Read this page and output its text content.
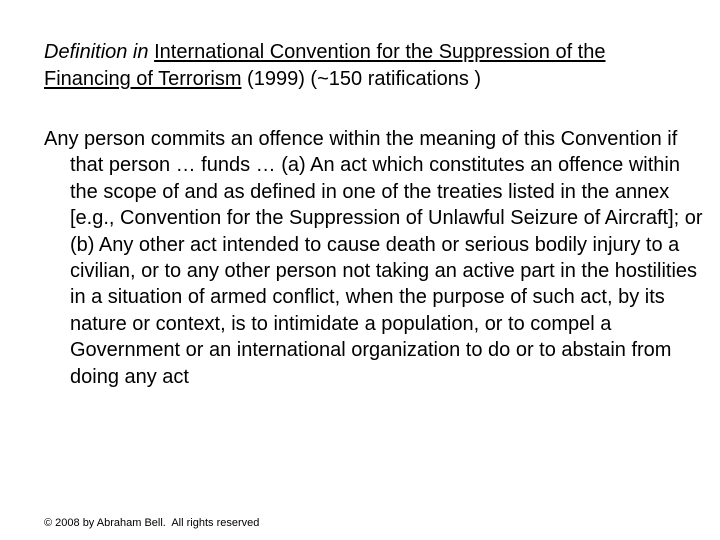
Definition in International Convention for the Suppression of the Financing of Terrorism (1999) (~150 ratifications )

Any person commits an offence within the meaning of this Convention if that person … funds … (a) An act which constitutes an offence within the scope of and as defined in one of the treaties listed in the annex [e.g., Convention for the Suppression of Unlawful Seizure of Aircraft]; or (b) Any other act intended to cause death or serious bodily injury to a civilian, or to any other person not taking an active part in the hostilities in a situation of armed conflict, when the purpose of such act, by its nature or context, is to intimidate a population, or to compel a Government or an international organization to do or to abstain from doing any act

© 2008 by Abraham Bell.  All rights reserved
